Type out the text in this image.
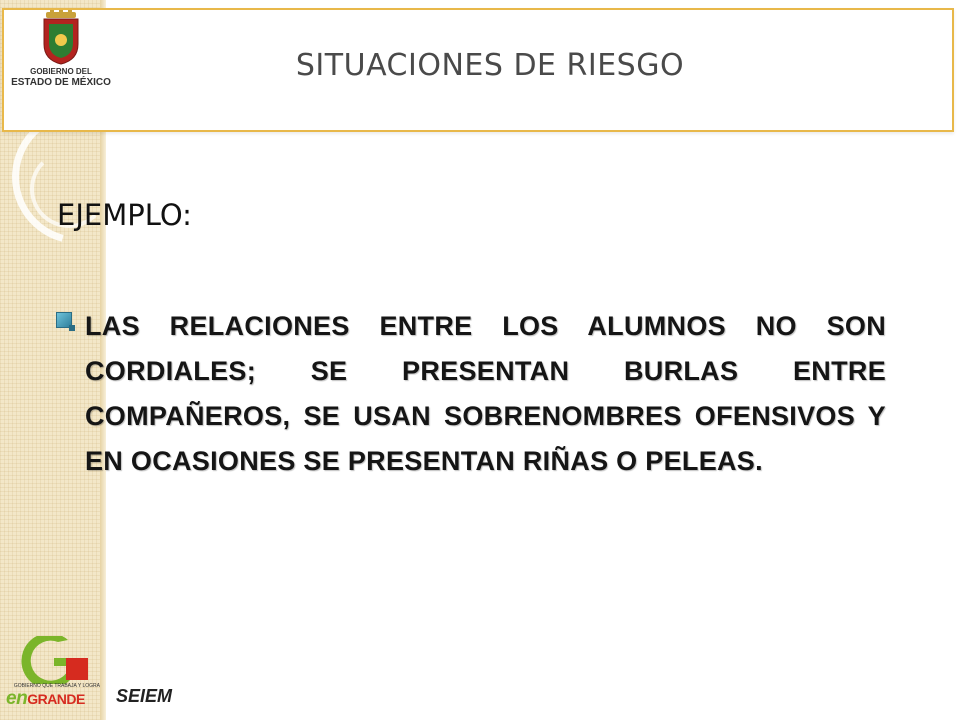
GOBIERNO DEL
ESTADO DE MÉXICO	SITUACIONES DE RIESGO
EJEMPLO:
LAS RELACIONES ENTRE LOS ALUMNOS NO SON CORDIALES; SE PRESENTAN BURLAS ENTRE COMPAÑEROS, SE USAN SOBRENOMBRES OFENSIVOS Y EN OCASIONES SE PRESENTAN RIÑAS O PELEAS.
GOBIERNO QUE TRABAJA Y LOGRA
enGRANDE SEIEM
